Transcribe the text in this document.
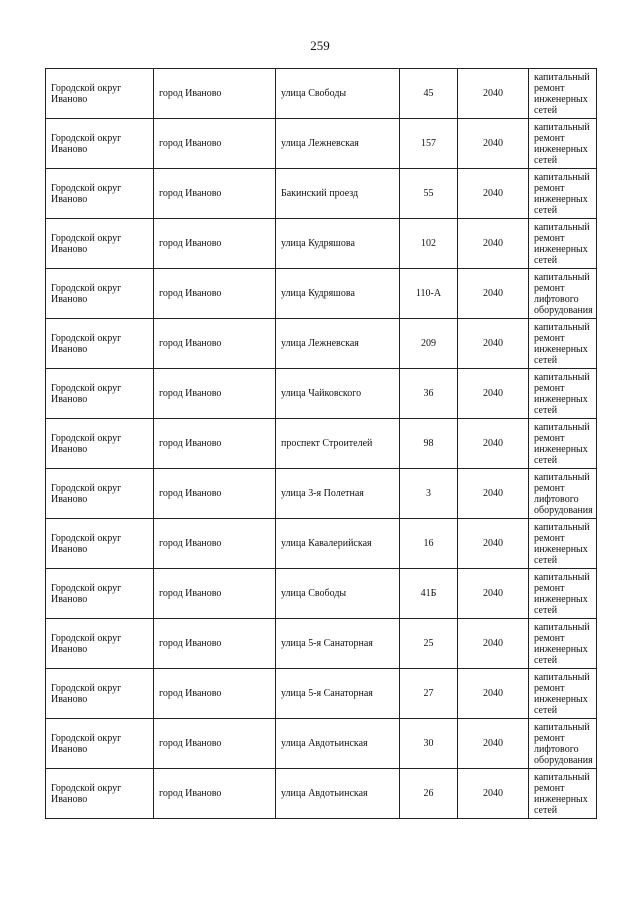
259
Городской округ Иваново	город Иваново	улица Свободы	45	2040	капитальный ремонт инженерных сетей
Городской округ Иваново	город Иваново	улица Лежневская	157	2040	капитальный ремонт инженерных сетей
Городской округ Иваново	город Иваново	Бакинский проезд	55	2040	капитальный ремонт инженерных сетей
Городской округ Иваново	город Иваново	улица Кудряшова	102	2040	капитальный ремонт инженерных сетей
Городской округ Иваново	город Иваново	улица Кудряшова	110-А	2040	капитальный ремонт лифтового оборудования
Городской округ Иваново	город Иваново	улица Лежневская	209	2040	капитальный ремонт инженерных сетей
Городской округ Иваново	город Иваново	улица Чайковского	36	2040	капитальный ремонт инженерных сетей
Городской округ Иваново	город Иваново	проспект Строителей	98	2040	капитальный ремонт инженерных сетей
Городской округ Иваново	город Иваново	улица 3-я Полетная	3	2040	капитальный ремонт лифтового оборудования
Городской округ Иваново	город Иваново	улица Кавалерийская	16	2040	капитальный ремонт инженерных сетей
Городской округ Иваново	город Иваново	улица Свободы	41Б	2040	капитальный ремонт инженерных сетей
Городской округ Иваново	город Иваново	улица 5-я Санаторная	25	2040	капитальный ремонт инженерных сетей
Городской округ Иваново	город Иваново	улица 5-я Санаторная	27	2040	капитальный ремонт инженерных сетей
Городской округ Иваново	город Иваново	улица Авдотьинская	30	2040	капитальный ремонт лифтового оборудования
Городской округ Иваново	город Иваново	улица Авдотьинская	26	2040	капитальный ремонт инженерных сетей
